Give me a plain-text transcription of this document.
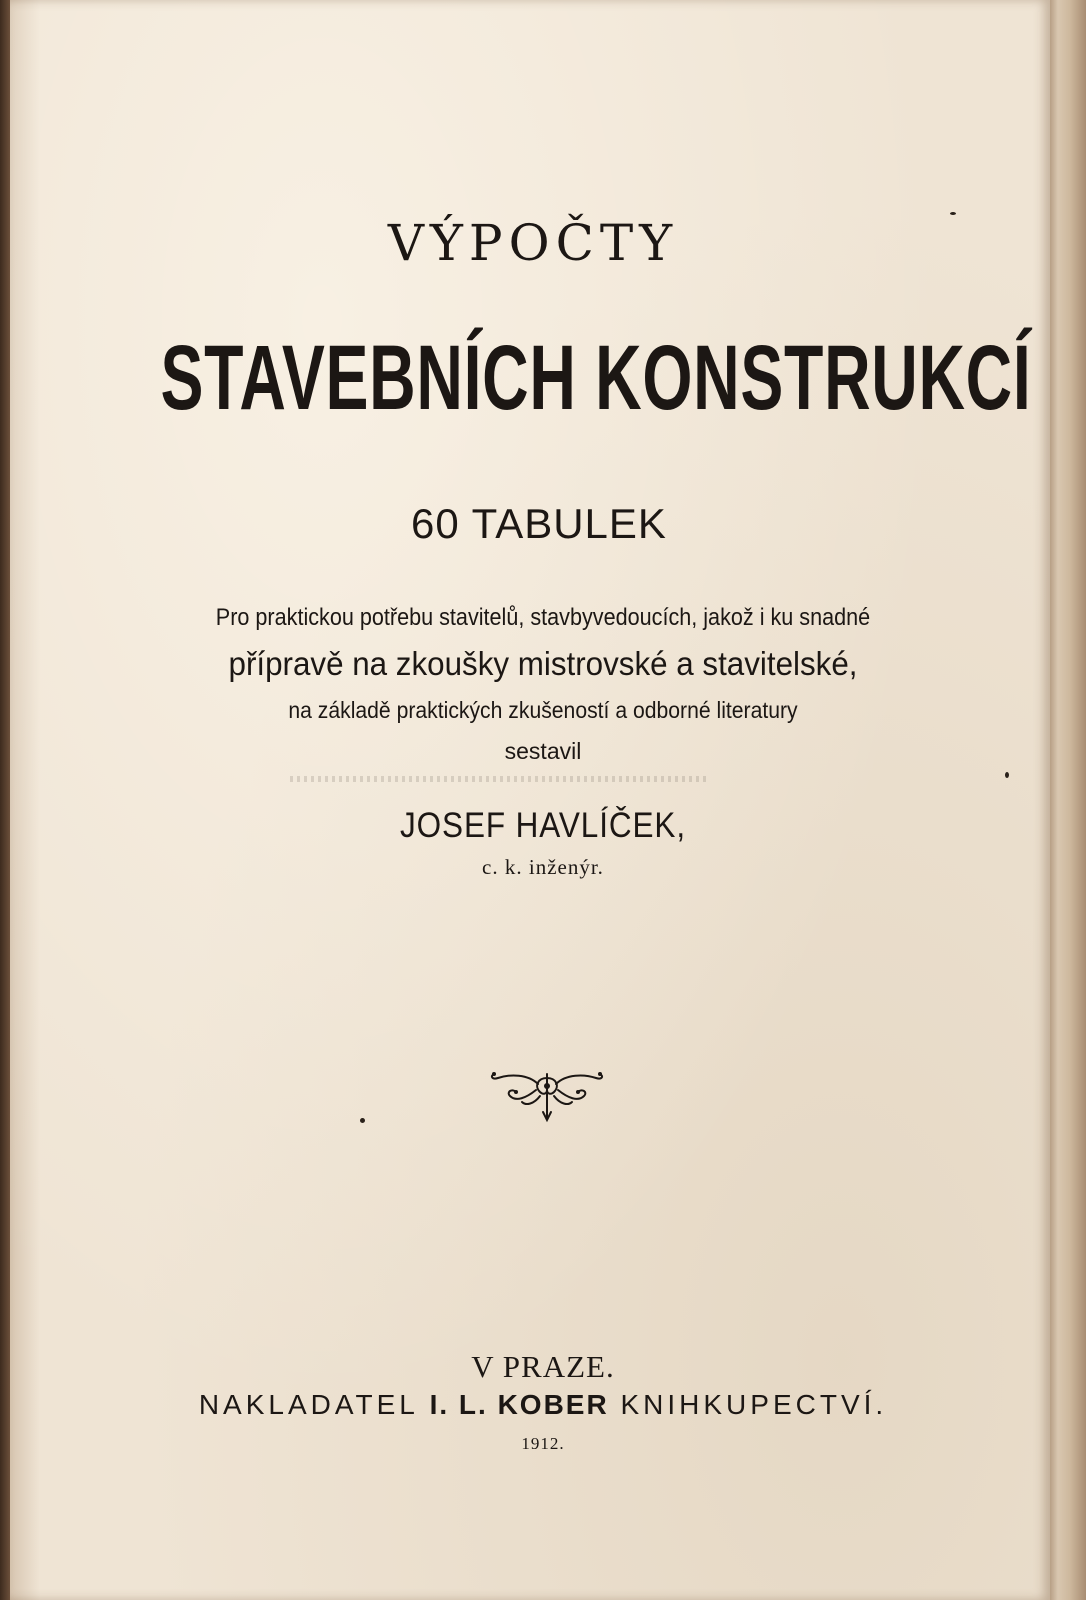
VÝPOČTY
STAVEBNÍCH KONSTRUKCÍ
60 TABULEK
Pro praktickou potřebu stavitelů, stavbyvedoucích, jakož i ku snadné
přípravě na zkoušky mistrovské a stavitelské,
na základě praktických zkušeností a odborné literatury
sestavil
JOSEF HAVLÍČEK,
c. k. inženýr.
V PRAZE.
NAKLADATEL I. L. KOBER KNIHKUPECTVÍ.
1912.
